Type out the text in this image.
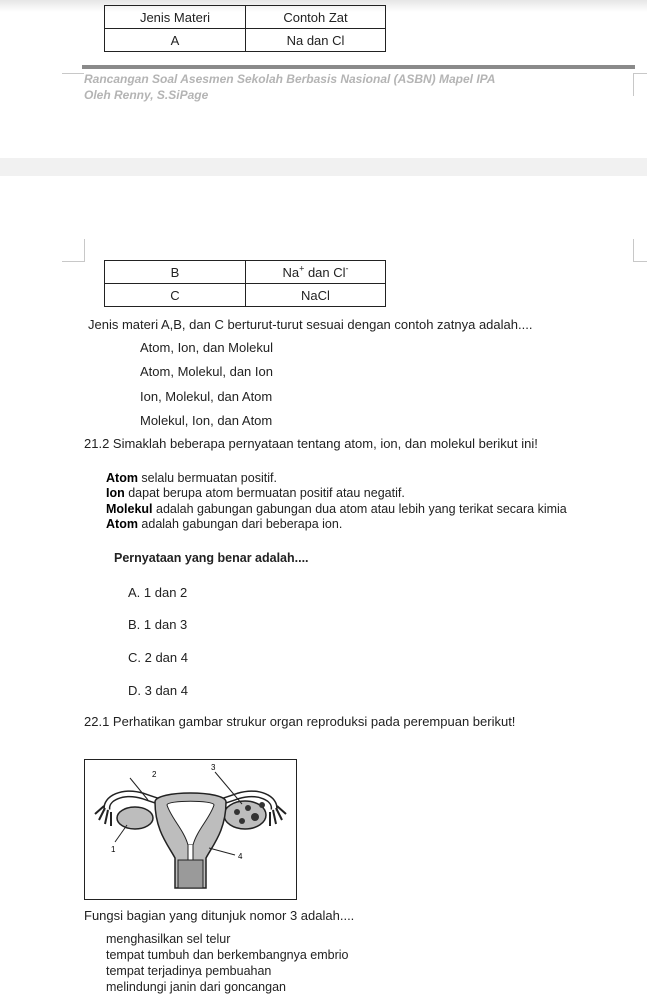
Jenis Materi	Contoh Zat
A	Na dan Cl
Rancangan Soal Asesmen Sekolah Berbasis Nasional (ASBN) Mapel IPA
Oleh Renny, S.SiPage
B	Na+ dan Cl-
C	NaCl
Jenis materi A,B, dan C berturut-turut sesuai dengan contoh zatnya adalah....
Atom, Ion, dan Molekul
Atom, Molekul, dan Ion
Ion, Molekul, dan Atom
Molekul, Ion, dan Atom
21.2 Simaklah beberapa pernyataan tentang atom, ion, dan molekul berikut ini!
Atom selalu bermuatan positif.
Ion dapat berupa atom bermuatan positif atau negatif.
Molekul adalah gabungan gabungan dua atom atau lebih yang terikat secara kimia
Atom adalah gabungan dari beberapa ion.
Pernyataan yang benar adalah....
A. 1 dan 2
B. 1 dan 3
C. 2 dan 4
D. 3 dan 4
22.1 Perhatikan gambar strukur organ reproduksi pada perempuan berikut!
1
2
3
4
Fungsi bagian yang ditunjuk nomor 3 adalah....
menghasilkan sel telur
tempat tumbuh dan berkembangnya embrio
tempat terjadinya pembuahan
melindungi janin dari goncangan
